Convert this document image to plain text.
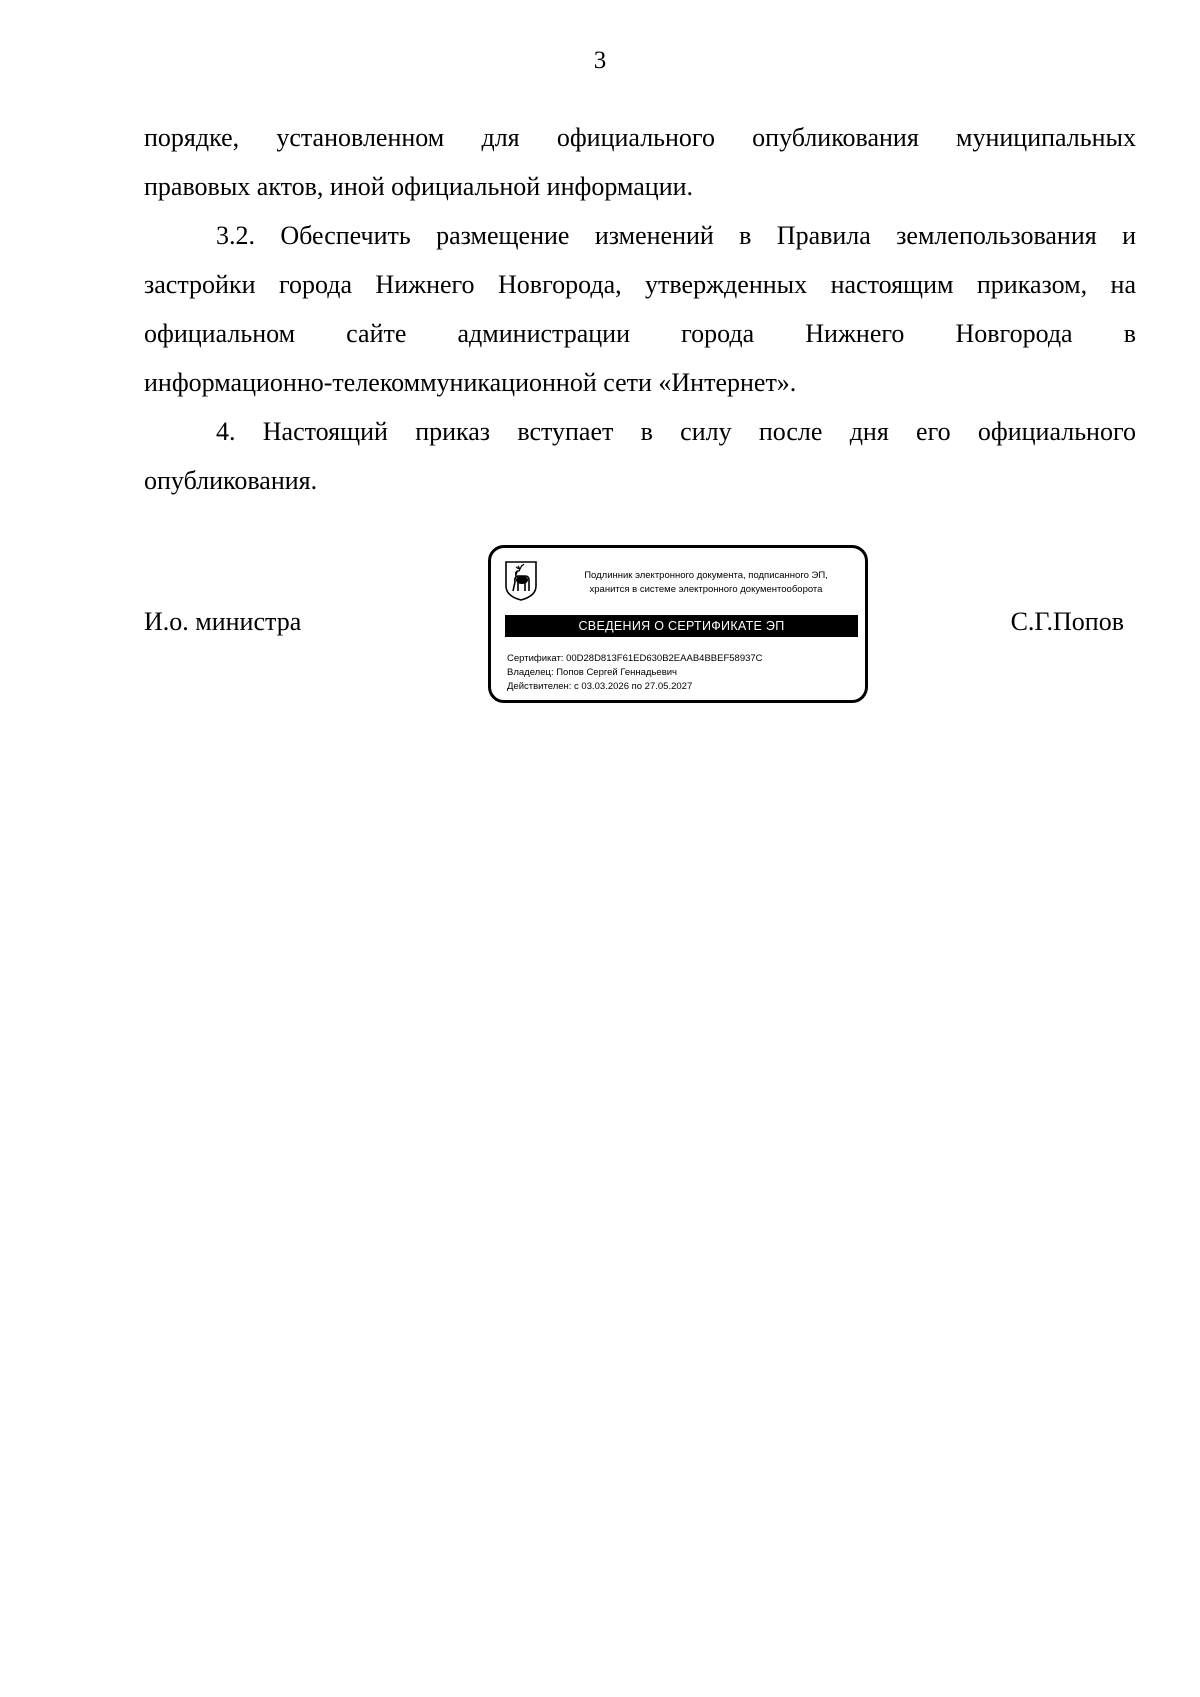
3

порядке, установленном для официального опубликования муниципальных
правовых актов, иной официальной информации.

3.2. Обеспечить размещение изменений в Правила землепользования и
застройки города Нижнего Новгорода, утвержденных настоящим приказом, на
официальном сайте администрации города Нижнего Новгорода в
информационно-телекоммуникационной сети «Интернет».

4. Настоящий приказ вступает в силу после дня его официального
опубликования.

И.о. министра	С.Г.Попов
Подлинник электронного документа, подписанного ЭП,
хранится в системе электронного документооборота
СВЕДЕНИЯ О СЕРТИФИКАТЕ ЭП
Сертификат: 00D28D813F61ED630B2EAAB4BBEF58937C
Владелец: Попов Сергей Геннадьевич
Действителен: с 03.03.2026 по 27.05.2027
